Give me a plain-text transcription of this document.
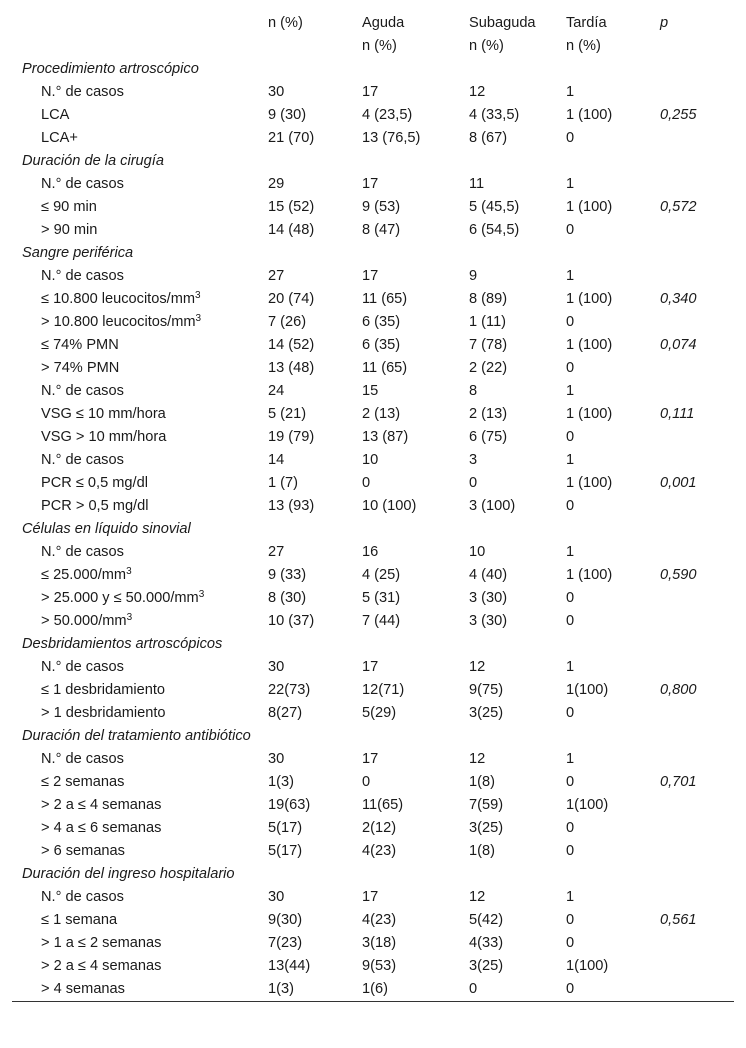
	n (%)	Aguda	Subaguda	Tardía	p
		n (%)	n (%)	n (%)	
Procedimiento artroscópico					
N.° de casos	30	17	12	1	
LCA	9 (30)	4 (23,5)	4 (33,5)	1 (100)	0,255
LCA+	21 (70)	13 (76,5)	8 (67)	0	
Duración de la cirugía					
N.° de casos	29	17	11	1	
≤ 90 min	15 (52)	9 (53)	5 (45,5)	1 (100)	0,572
> 90 min	14 (48)	8 (47)	6 (54,5)	0	
Sangre periférica					
N.° de casos	27	17	9	1	
≤ 10.800 leucocitos/$mm^3$	20 (74)	11 (65)	8 (89)	1 (100)	0,340
> 10.800 leucocitos/$mm^3$	7 (26)	6 (35)	1 (11)	0	
≤ 74% PMN	14 (52)	6 (35)	7 (78)	1 (100)	0,074
> 74% PMN	13 (48)	11 (65)	2 (22)	0	
N.° de casos	24	15	8	1	
VSG ≤ 10 mm/hora	5 (21)	2 (13)	2 (13)	1 (100)	0,111
VSG > 10 mm/hora	19 (79)	13 (87)	6 (75)	0	
N.° de casos	14	10	3	1	
PCR ≤ 0,5 mg/dl	1 (7)	0	0	1 (100)	0,001
PCR > 0,5 mg/dl	13 (93)	10 (100)	3 (100)	0	
Células en líquido sinovial					
N.° de casos	27	16	10	1	
≤ $25.000/mm^3$	9 (33)	4 (25)	4 (40)	1 (100)	0,590
> 25.000 $y \le 50.000/mm^3$	8 (30)	5 (31)	3 (30)	0	
> $50.000/mm^3$	10 (37)	7 (44)	3 (30)	0	
Desbridamientos artroscópicos					
N.° de casos	30	17	12	1	
≤ 1 desbridamiento	22(73)	12(71)	9(75)	1(100)	0,800
> 1 desbridamiento	8(27)	5(29)	3(25)	0	
Duración del tratamiento antibiótico					
N.° de casos	30	17	12	1	
≤ 2 semanas	1(3)	0	1(8)	0	0,701
> 2 a ≤ 4 semanas	19(63)	11(65)	7(59)	1(100)	
> 4 a ≤ 6 semanas	5(17)	2(12)	3(25)	0	
> 6 semanas	5(17)	4(23)	1(8)	0	
Duración del ingreso hospitalario					
N.° de casos	30	17	12	1	
≤ 1 semana	9(30)	4(23)	5(42)	0	0,561
> 1 a ≤ 2 semanas	7(23)	3(18)	4(33)	0	
> 2 a ≤ 4 semanas	13(44)	9(53)	3(25)	1(100)	
> 4 semanas	1(3)	1(6)	0	0	
